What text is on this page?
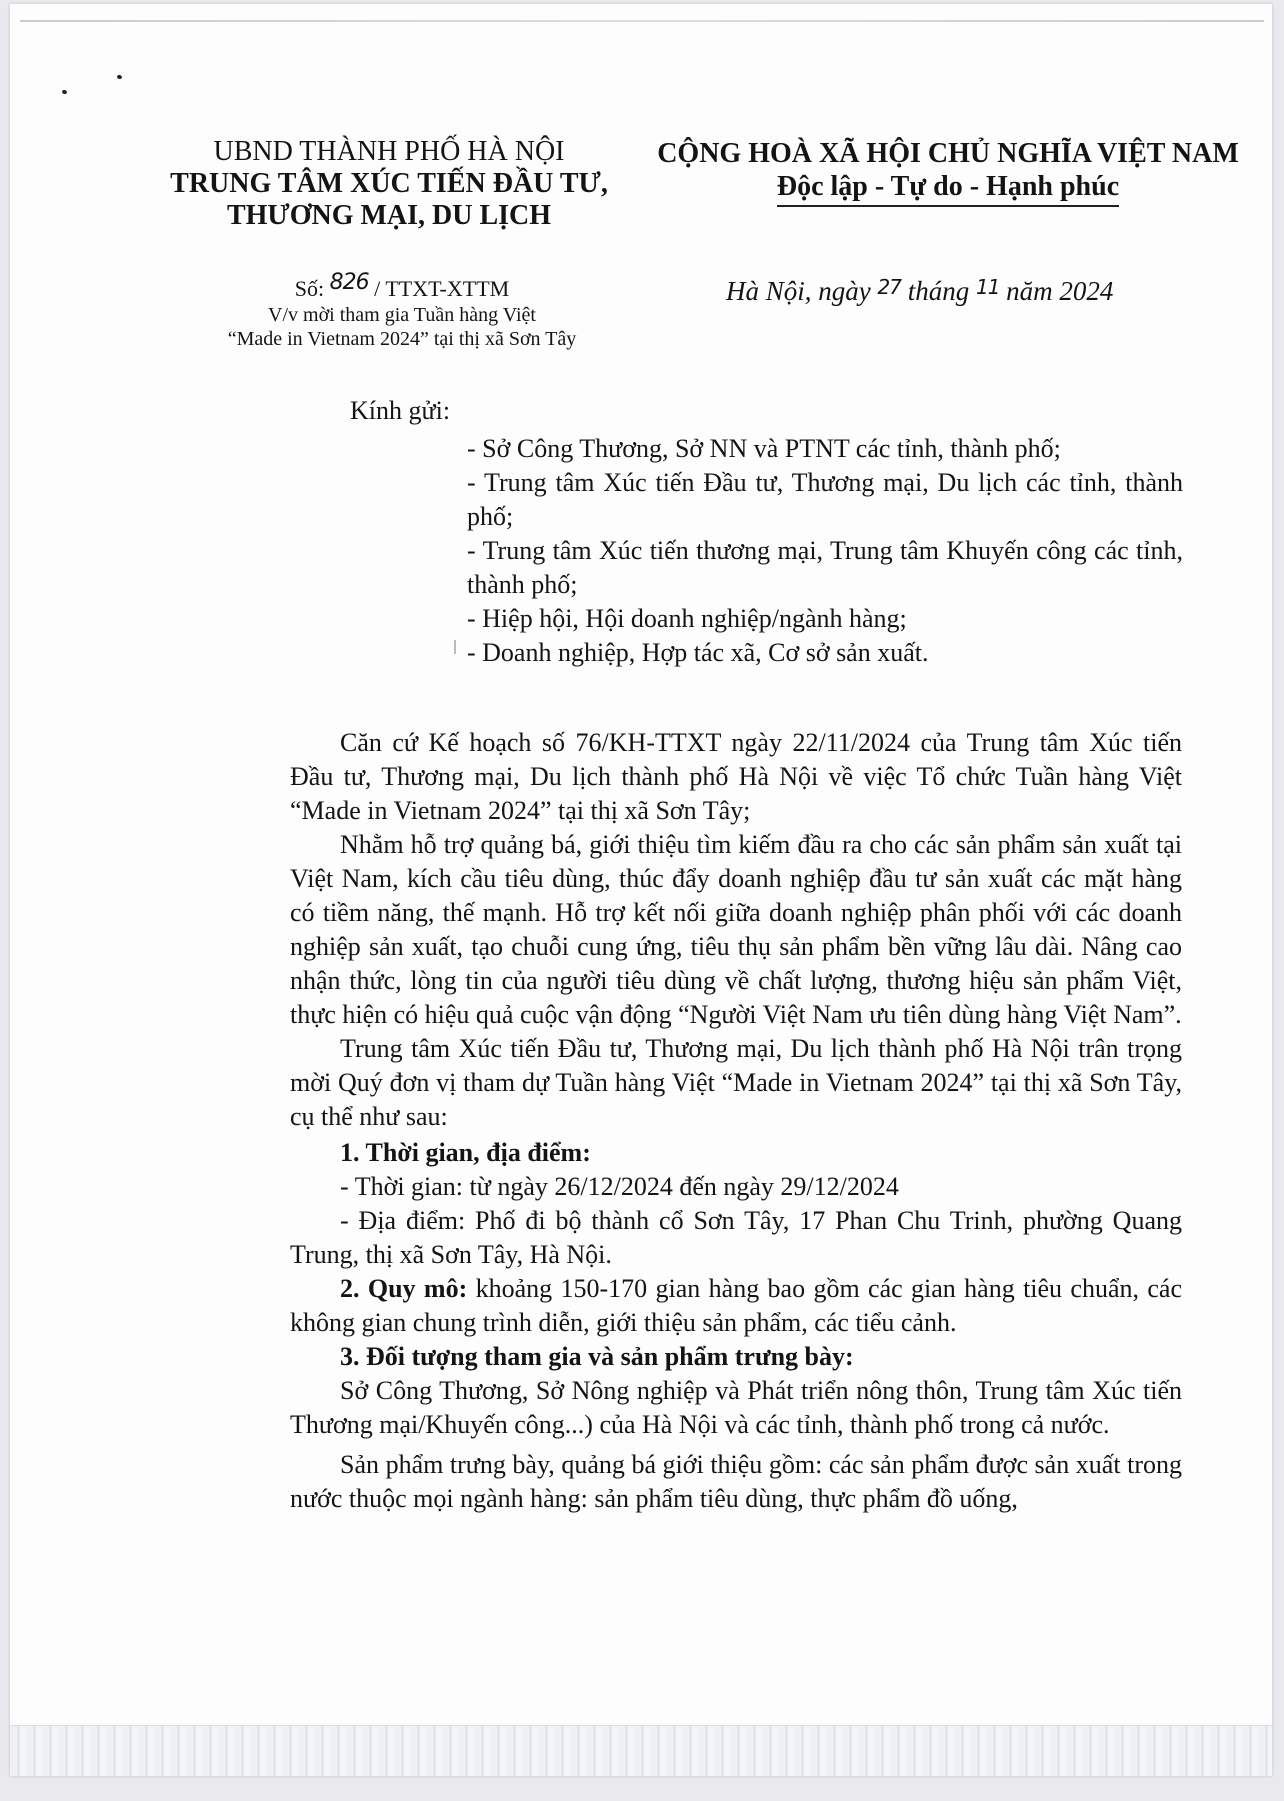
UBND THÀNH PHỐ HÀ NỘI
TRUNG TÂM XÚC TIẾN ĐẦU TƯ,
THƯƠNG MẠI, DU LỊCH
CỘNG HOÀ XÃ HỘI CHỦ NGHĨA VIỆT NAM
Độc lập - Tự do - Hạnh phúc
Số: 826 / TTXT-XTTM
V/v mời tham gia Tuần hàng Việt
“Made in Vietnam 2024” tại thị xã Sơn Tây
Hà Nội, ngày $^{27}$ tháng $^{11}$ năm 2024
Kính gửi:
- Sở Công Thương, Sở NN và PTNT các tỉnh, thành phố;
- Trung tâm Xúc tiến Đầu tư, Thương mại, Du lịch các tỉnh, thành phố;
- Trung tâm Xúc tiến thương mại, Trung tâm Khuyến công các tỉnh, thành phố;
- Hiệp hội, Hội doanh nghiệp/ngành hàng;
- Doanh nghiệp, Hợp tác xã, Cơ sở sản xuất.

Căn cứ Kế hoạch số 76/KH-TTXT ngày 22/11/2024 của Trung tâm Xúc tiến Đầu tư, Thương mại, Du lịch thành phố Hà Nội về việc Tổ chức Tuần hàng Việt “Made in Vietnam 2024” tại thị xã Sơn Tây;

Nhằm hỗ trợ quảng bá, giới thiệu tìm kiếm đầu ra cho các sản phẩm sản xuất tại Việt Nam, kích cầu tiêu dùng, thúc đẩy doanh nghiệp đầu tư sản xuất các mặt hàng có tiềm năng, thế mạnh. Hỗ trợ kết nối giữa doanh nghiệp phân phối với các doanh nghiệp sản xuất, tạo chuỗi cung ứng, tiêu thụ sản phẩm bền vững lâu dài. Nâng cao nhận thức, lòng tin của người tiêu dùng về chất lượng, thương hiệu sản phẩm Việt, thực hiện có hiệu quả cuộc vận động “Người Việt Nam ưu tiên dùng hàng Việt Nam”.

Trung tâm Xúc tiến Đầu tư, Thương mại, Du lịch thành phố Hà Nội trân trọng mời Quý đơn vị tham dự Tuần hàng Việt “Made in Vietnam 2024” tại thị xã Sơn Tây, cụ thể như sau:

1. Thời gian, địa điểm:

- Thời gian: từ ngày 26/12/2024 đến ngày 29/12/2024

- Địa điểm: Phố đi bộ thành cổ Sơn Tây, 17 Phan Chu Trinh, phường Quang Trung, thị xã Sơn Tây, Hà Nội.

2. Quy mô: khoảng 150-170 gian hàng bao gồm các gian hàng tiêu chuẩn, các không gian chung trình diễn, giới thiệu sản phẩm, các tiểu cảnh.

3. Đối tượng tham gia và sản phẩm trưng bày:

Sở Công Thương, Sở Nông nghiệp và Phát triển nông thôn, Trung tâm Xúc tiến Thương mại/Khuyến công...) của Hà Nội và các tỉnh, thành phố trong cả nước.

Sản phẩm trưng bày, quảng bá giới thiệu gồm: các sản phẩm được sản xuất trong nước thuộc mọi ngành hàng: sản phẩm tiêu dùng, thực phẩm đồ uống,
